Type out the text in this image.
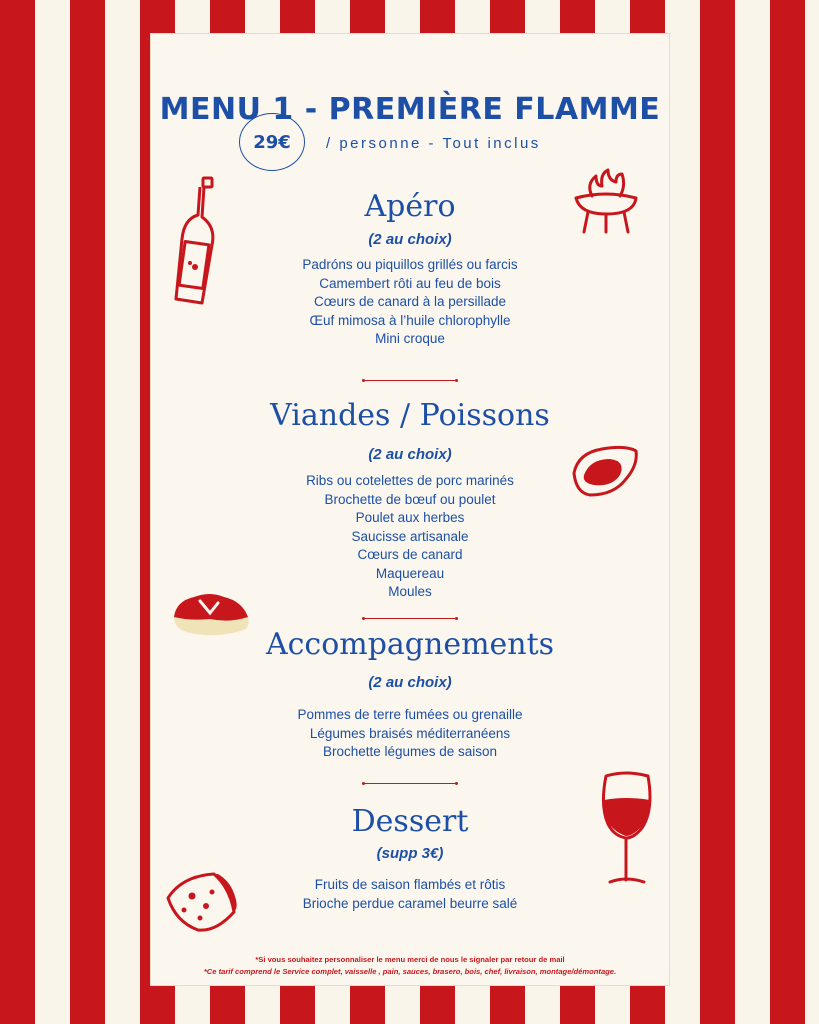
MENU 1 - PREMIÈRE FLAMME
29€ / personne - Tout inclus
Apéro
(2 au choix)
Padróns ou piquillos grillés ou farcis
Camembert rôti au feu de bois
Cœurs de canard à la persillade
Œuf mimosa à l’huile chlorophylle
Mini croque
Viandes / Poissons
(2 au choix)
Ribs ou cotelettes de porc marinés
Brochette de bœuf ou poulet
Poulet aux herbes
Saucisse artisanale
Cœurs de canard
Maquereau
Moules
Accompagnements
(2 au choix)
Pommes de terre fumées ou grenaille
Légumes braisés méditerranéens
Brochette légumes de saison
Dessert
(supp 3€)
Fruits de saison flambés et rôtis
Brioche perdue caramel beurre salé
*Si vous souhaitez personnaliser le menu merci de nous le signaler par retour de mail
*Ce tarif comprend le Service complet, vaisselle , pain, sauces, brasero, bois, chef, livraison, montage/démontage.
